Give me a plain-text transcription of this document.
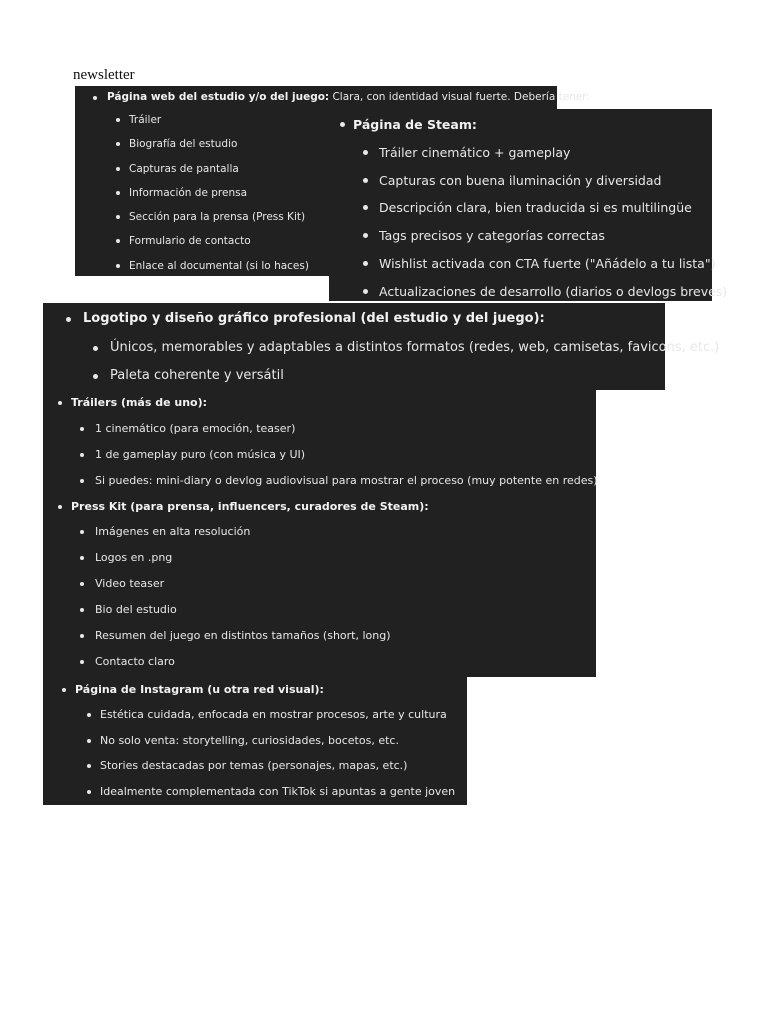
newsletter
Página web del estudio y/o del juego: Clara, con identidad visual fuerte. Debería tener:
Tráiler
Biografía del estudio
Capturas de pantalla
Información de prensa
Sección para la prensa (Press Kit)
Formulario de contacto
Enlace al documental (si lo haces)
Página de Steam:
Tráiler cinemático + gameplay
Capturas con buena iluminación y diversidad
Descripción clara, bien traducida si es multilingüe
Tags precisos y categorías correctas
Wishlist activada con CTA fuerte ("Añádelo a tu lista")
Actualizaciones de desarrollo (diarios o devlogs breves)
Logotipo y diseño gráfico profesional (del estudio y del juego):
Únicos, memorables y adaptables a distintos formatos (redes, web, camisetas, favicons, etc.)
Paleta coherente y versátil
Tráilers (más de uno):
1 cinemático (para emoción, teaser)
1 de gameplay puro (con música y UI)
Si puedes: mini-diary o devlog audiovisual para mostrar el proceso (muy potente en redes)
Press Kit (para prensa, influencers, curadores de Steam):
Imágenes en alta resolución
Logos en .png
Video teaser
Bio del estudio
Resumen del juego en distintos tamaños (short, long)
Contacto claro
Página de Instagram (u otra red visual):
Estética cuidada, enfocada en mostrar procesos, arte y cultura
No solo venta: storytelling, curiosidades, bocetos, etc.
Stories destacadas por temas (personajes, mapas, etc.)
Idealmente complementada con TikTok si apuntas a gente joven
